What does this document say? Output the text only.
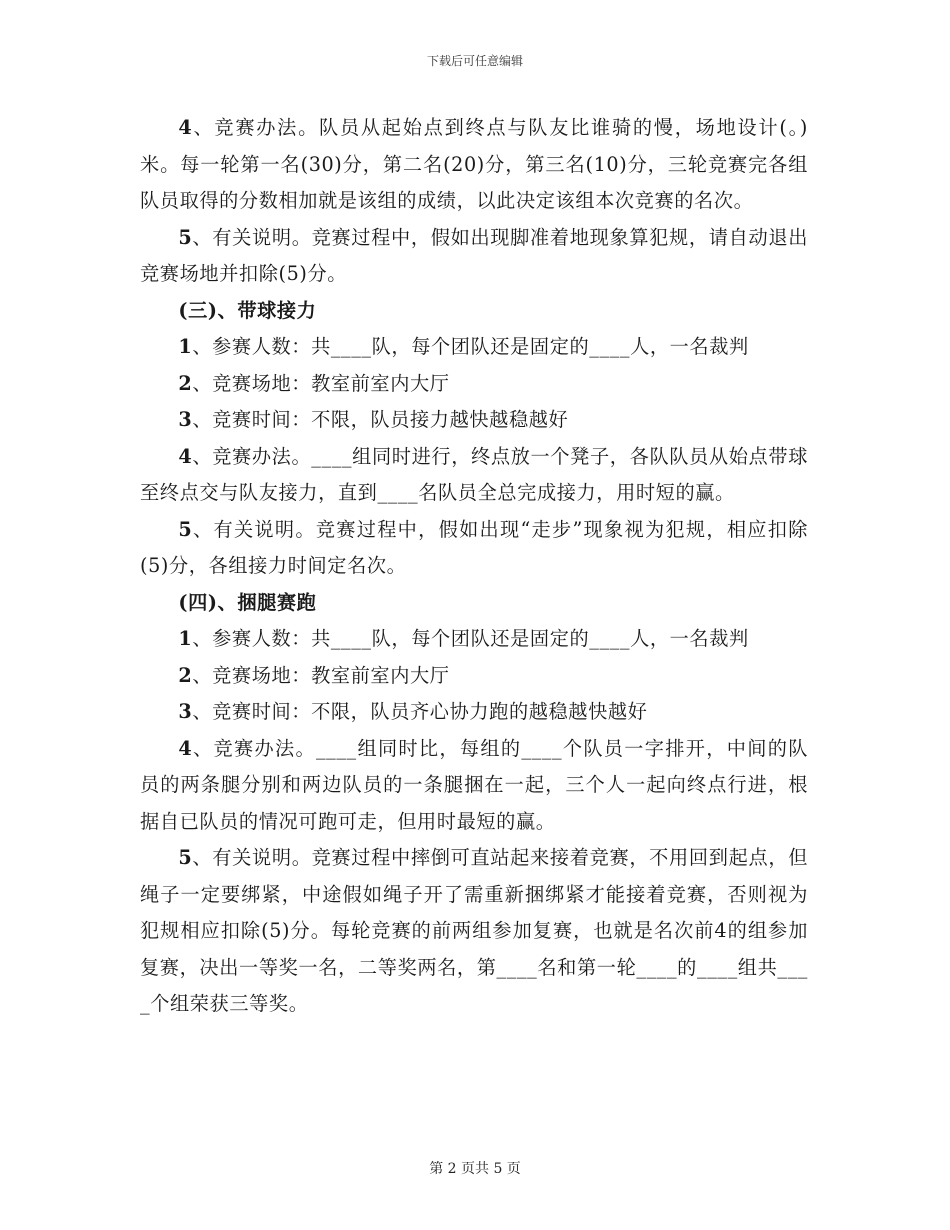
下载后可任意编辑

4、竞赛办法。队员从起始点到终点与队友比谁骑的慢，场地设计(。)米。每一轮第一名(30)分，第二名(20)分，第三名(10)分，三轮竞赛完各组队员取得的分数相加就是该组的成绩，以此决定该组本次竞赛的名次。

5、有关说明。竞赛过程中，假如出现脚准着地现象算犯规，请自动退出竞赛场地并扣除(5)分。

(三)、带球接力

1、参赛人数：共____队，每个团队还是固定的____人，一名裁判

2、竞赛场地：教室前室内大厅

3、竞赛时间：不限，队员接力越快越稳越好

4、竞赛办法。____组同时进行，终点放一个凳子，各队队员从始点带球至终点交与队友接力，直到____名队员全总完成接力，用时短的赢。

5、有关说明。竞赛过程中，假如出现“走步”现象视为犯规，相应扣除(5)分，各组接力时间定名次。

(四)、捆腿赛跑

1、参赛人数：共____队，每个团队还是固定的____人，一名裁判

2、竞赛场地：教室前室内大厅

3、竞赛时间：不限，队员齐心协力跑的越稳越快越好

4、竞赛办法。____组同时比，每组的____个队员一字排开，中间的队员的两条腿分别和两边队员的一条腿捆在一起，三个人一起向终点行进，根据自已队员的情况可跑可走，但用时最短的赢。

5、有关说明。竞赛过程中摔倒可直站起来接着竞赛，不用回到起点，但绳子一定要绑紧，中途假如绳子开了需重新捆绑紧才能接着竞赛，否则视为犯规相应扣除(5)分。每轮竞赛的前两组参加复赛，也就是名次前4的组参加复赛，决出一等奖一名，二等奖两名，第____名和第一轮____的____组共____个组荣获三等奖。

第 2 页共 5 页
